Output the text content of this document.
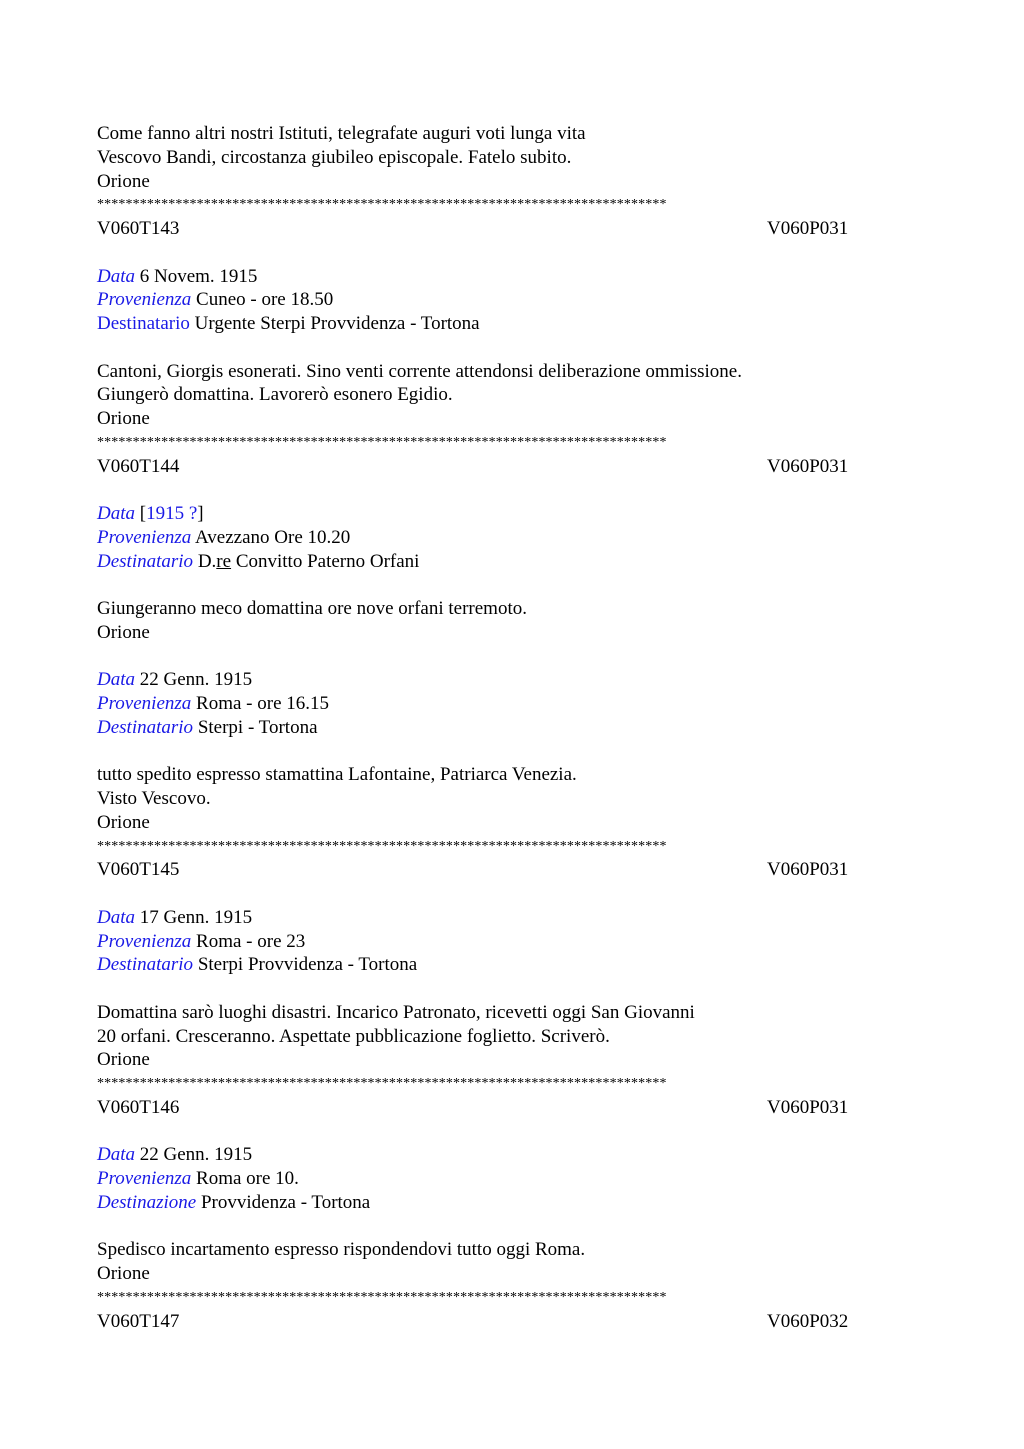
Come fanno altri nostri Istituti, telegrafate auguri voti lunga vita
Vescovo Bandi, circostanza giubileo episcopale. Fatelo subito.
Orione
********************************************************************************
V060T143	V060P031
Data 6 Novem. 1915
Provenienza Cuneo - ore 18.50
Destinatario Urgente Sterpi Provvidenza - Tortona
Cantoni, Giorgis esonerati. Sino venti corrente attendonsi deliberazione ommissione.
Giungerò domattina. Lavorerò esonero Egidio.
Orione
********************************************************************************
V060T144	V060P031
Data [1915 ?]
Provenienza Avezzano Ore 10.20
Destinatario D.re Convitto Paterno Orfani
Giungeranno meco domattina ore nove orfani terremoto.
Orione
Data 22 Genn. 1915
Provenienza Roma - ore 16.15
Destinatario Sterpi - Tortona
tutto spedito espresso stamattina Lafontaine, Patriarca Venezia.
Visto Vescovo.
Orione
********************************************************************************
V060T145	V060P031
Data 17 Genn. 1915
Provenienza Roma - ore 23
Destinatario Sterpi Provvidenza - Tortona
Domattina sarò luoghi disastri. Incarico Patronato, ricevetti oggi San Giovanni
20 orfani. Cresceranno. Aspettate pubblicazione foglietto. Scriverò.
Orione
********************************************************************************
V060T146	V060P031
Data 22 Genn. 1915
Provenienza Roma ore 10.
Destinazione Provvidenza - Tortona
Spedisco incartamento espresso rispondendovi tutto oggi Roma.
Orione
********************************************************************************
V060T147	V060P032
